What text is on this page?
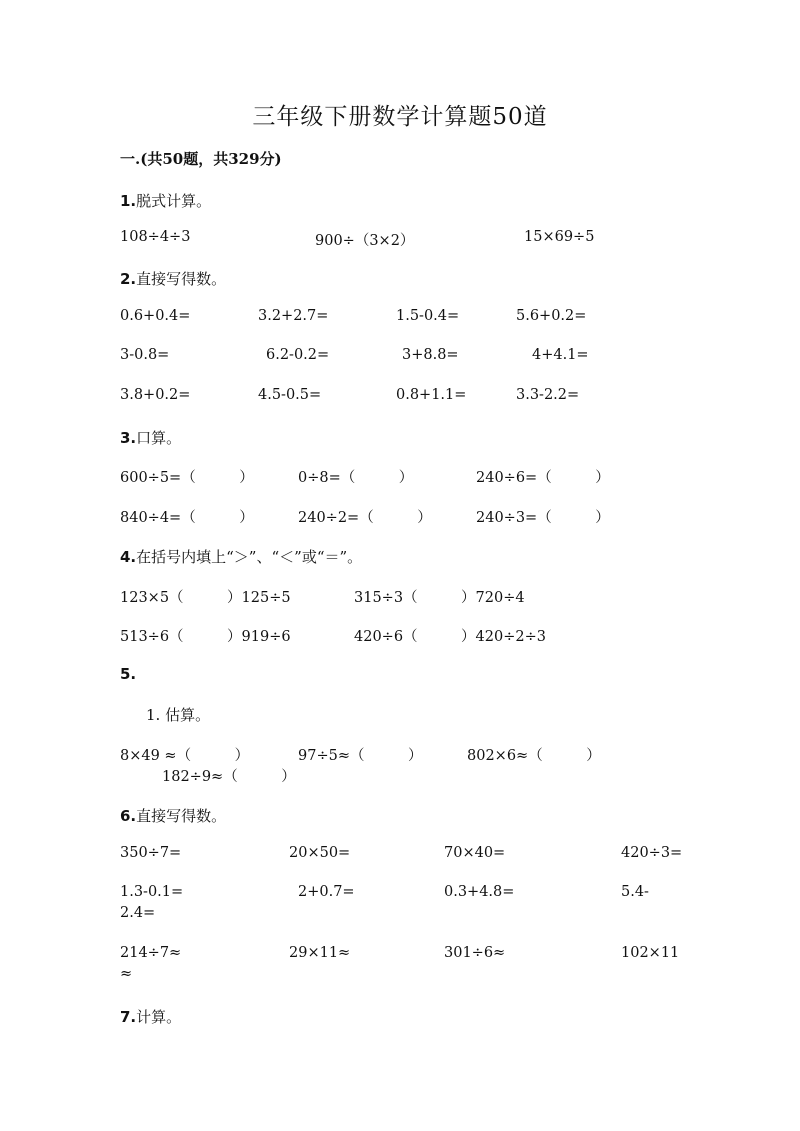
三年级下册数学计算题50道
一.(共50题，共329分)
1.脱式计算。
108÷4÷3	900÷（3×2）	15×69÷5
2.直接写得数。
0.6+0.4=	3.2+2.7=	1.5-0.4=	5.6+0.2=
3-0.8=	6.2-0.2=	3+8.8=	4+4.1=
3.8+0.2=	4.5-0.5=	0.8+1.1=	3.3-2.2=
3.口算。
600÷5=（　　　）	0÷8=（　　　）	240÷6=（　　　）
840÷4=（　　　）	240÷2=（　　　）	240÷3=（　　　）
4.在括号内填上“＞”、“＜”或“＝”。
123×5（　　　）125÷5	315÷3（　　　）720÷4
513÷6（　　　）919÷6	420÷6（　　　）420÷2÷3
5.
1. 估算。
8×49 ≈（　　　）	97÷5≈（　　　）	802×6≈（　　　）
182÷9≈（　　　）
6.直接写得数。
350÷7=	20×50=	70×40=	420÷3=
1.3-0.1=	2+0.7=	0.3+4.8=	5.4-
2.4=
214÷7≈	29×11≈	301÷6≈	102×11
≈
7.计算。
